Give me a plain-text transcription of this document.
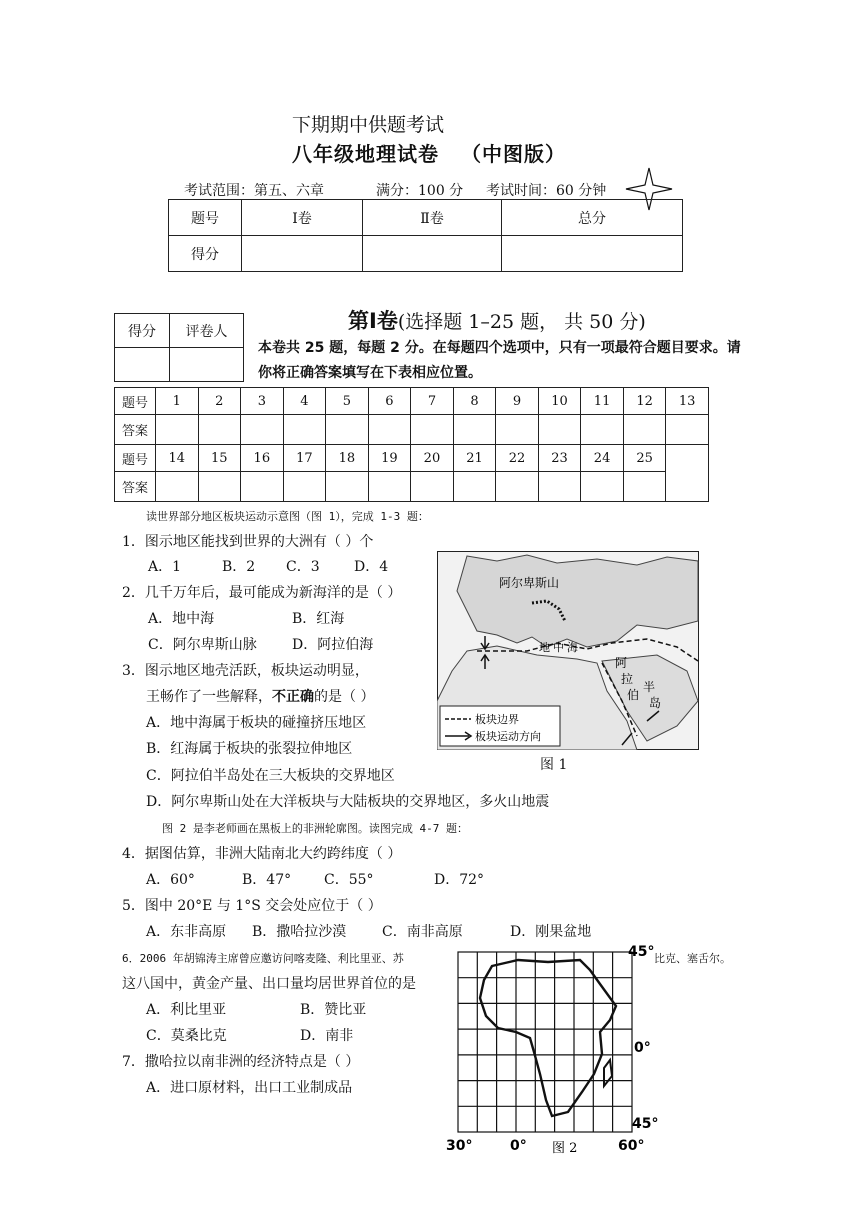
下期期中供题考试
八年级地理试卷 （中图版）
考试范围：第五、六章	满分：100 分 考试时间：60 分钟
题号	Ⅰ卷	Ⅱ卷	总分
得分			
得分	评卷人
		第Ⅰ卷(选择题 1–25 题， 共 50 分)
本卷共 25 题，每题 2 分。在每题四个选项中，只有一项最符合题目要求。请
你将正确答案填写在下表相应位置。
题号	1	2	3	4	5	6	7	8	9	10	11	12	13
答案													
题号	14	15	16	17	18	19	20	21	22	23	24	25	
答案													
读世界部分地区板块运动示意图（图 1），完成 1-3 题：
1．图示地区能找到世界的大洲有（ ）个
A．1	B．2 C．3 D．4
2．几千万年后，最可能成为新海洋的是（ ）
A．地中海	B．红海
C．阿尔卑斯山脉	D．阿拉伯海
3．图示地区地壳活跃，板块运动明显，
王畅作了一些解释，不正确的是（ ）
A．地中海属于板块的碰撞挤压地区
B．红海属于板块的张裂拉伸地区
C．阿拉伯半岛处在三大板块的交界地区
D．阿尔卑斯山处在大洋板块与大陆板块的交界地区，多火山地震
阿尔卑斯山
地 中 海
阿
拉
伯
半
岛
板块边界
板块运动方向
图 1
图 2 是李老师画在黑板上的非洲轮廓图。读图完成 4-7 题：
4．据图估算，非洲大陆南北大约跨纬度（ ）
A．60°	B．47° C．55°	D．72°
5．图中 20°E 与 1°S 交会处应位于（ ）
A．东非高原 B．撒哈拉沙漠	C．南非高原	D．刚果盆地
6．2006 年胡锦涛主席曾应邀访问喀麦隆、利比里亚、苏	比克、塞舌尔。
这八国中，黄金产量、出口量均居世界首位的是
A．利比里亚	B．赞比亚
C．莫桑比克	D．南非
7．撒哈拉以南非洲的经济特点是（ ）
A．进口原材料，出口工业制成品
45°
0°
45°
30°	0°	60°
图 2
